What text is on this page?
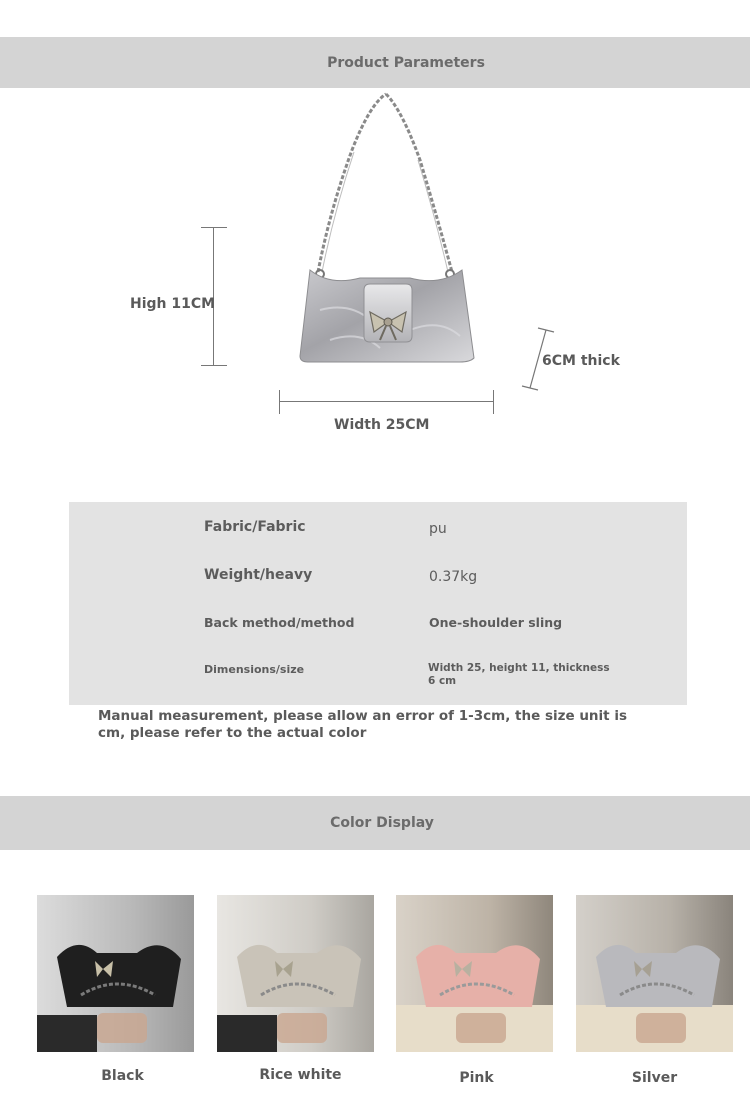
Product Parameters
High 11CM
6CM thick
Width 25CM
Fabric/Fabric	pu
Weight/heavy	0.37kg
Back method/method	One-shoulder sling
Dimensions/size	Width 25, height 11, thickness 6 cm
Manual measurement, please allow an error of 1-3cm, the size unit is cm, please refer to the actual color
Color Display
Black	Rice white	Pink	Silver
